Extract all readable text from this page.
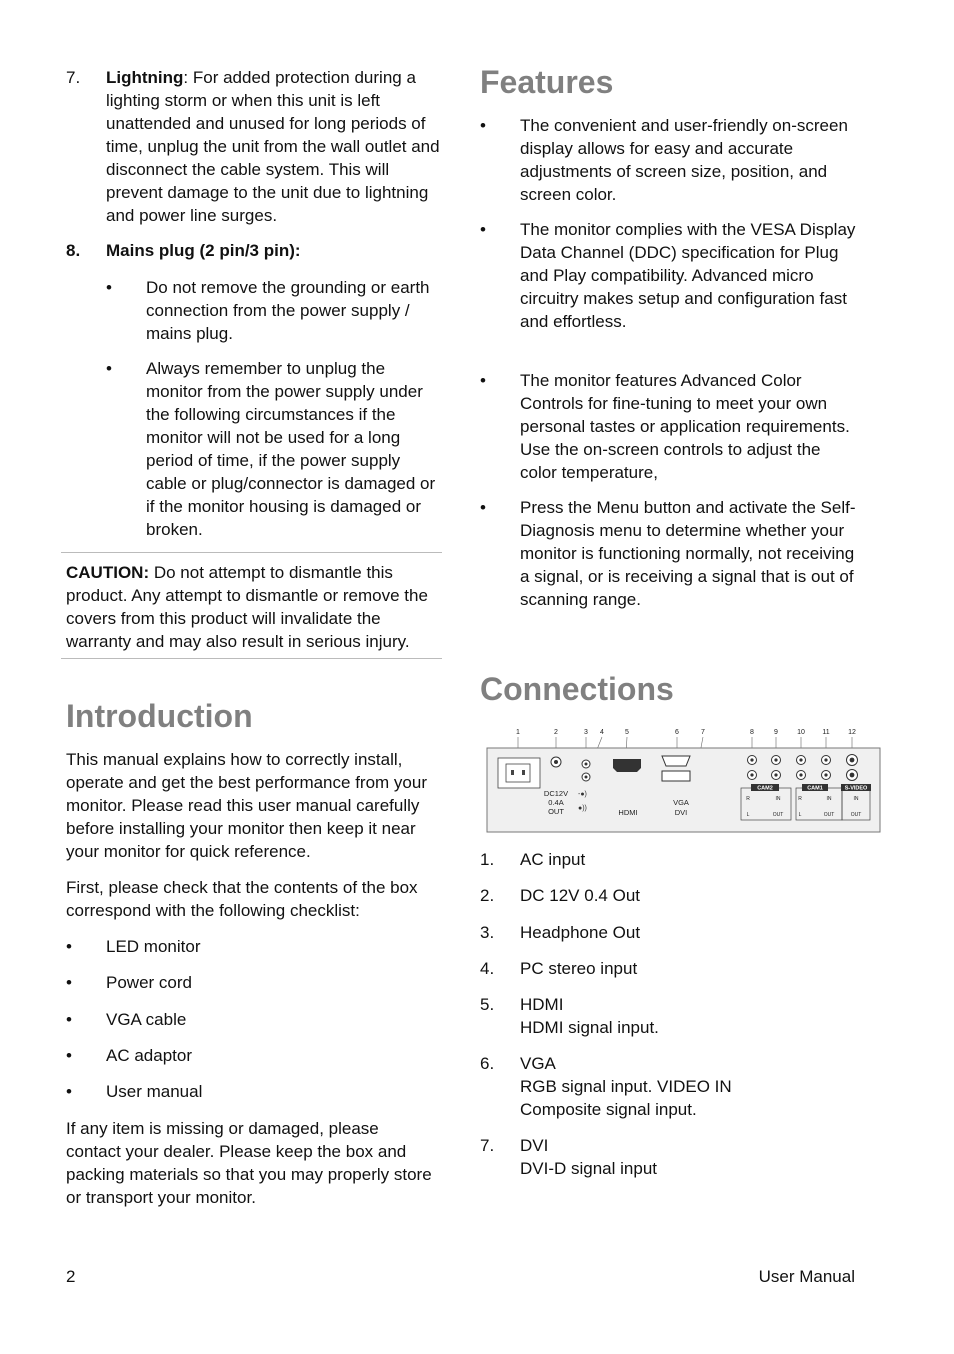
7.	Lightning: For added protection during a lighting storm or when this unit is left unattended and unused for long periods of time, unplug the unit from the wall outlet and disconnect the cable system. This will prevent damage to the unit due to lightning and power line surges.
8.	Mains plug (2 pin/3 pin):
•	Do not remove the grounding or earth connection from the power supply / mains plug.
•	Always remember to unplug the monitor from the power supply under the following circumstances if the monitor will not be used for a long period of time, if the power supply cable or plug/connector is damaged or if the monitor housing is damaged or broken.
CAUTION: Do not attempt to dismantle this product. Any attempt to dismantle or remove the covers from this product will invalidate the warranty and may also result in serious injury.
Introduction

This manual explains how to correctly install, operate and get the best performance from your monitor. Please read this user manual carefully before installing your monitor then keep it near your monitor for quick reference.

First, please check that the contents of the box correspond with the following checklist:

•	LED monitor
•	Power cord
•	VGA cable
•	AC adaptor
•	User manual

If any item is missing or damaged, please contact your dealer. Please keep the box and packing materials so that you may properly store or transport your monitor.

Features
•	The convenient and user-friendly on-screen display allows for easy and accurate adjustments of screen size, position, and screen color.
•	The monitor complies with the VESA Display Data Channel (DDC) specification for Plug and Play compatibility. Advanced micro circuitry makes setup and configuration fast and effortless.
•	The monitor features Advanced Color Controls for fine-tuning to meet your own personal tastes or application requirements. Use the on-screen controls to adjust the color temperature,
•	Press the Menu button and activate the Self-Diagnosis menu to determine whether your monitor is functioning normally, not receiving a signal, or is receiving a signal that is out of scanning range.
Connections
1	2	3 4	5	6	7	8	9	10 11	12
CAM2	CAM1	S-VIDEO
R	IN	R	IN	IN
L	OUT	L	OUT	OUT
DC12V
0.4A
OUT	HDMI
VGA
DVI
-●)
●))
1.	AC input
2.	DC 12V 0.4 Out
3.	Headphone Out
4.	PC stereo input
5.	HDMI
HDMI signal input.
6.	VGA
RGB signal input. VIDEO IN
Composite signal input.
7.	DVI
DVI-D signal input
2	User Manual
